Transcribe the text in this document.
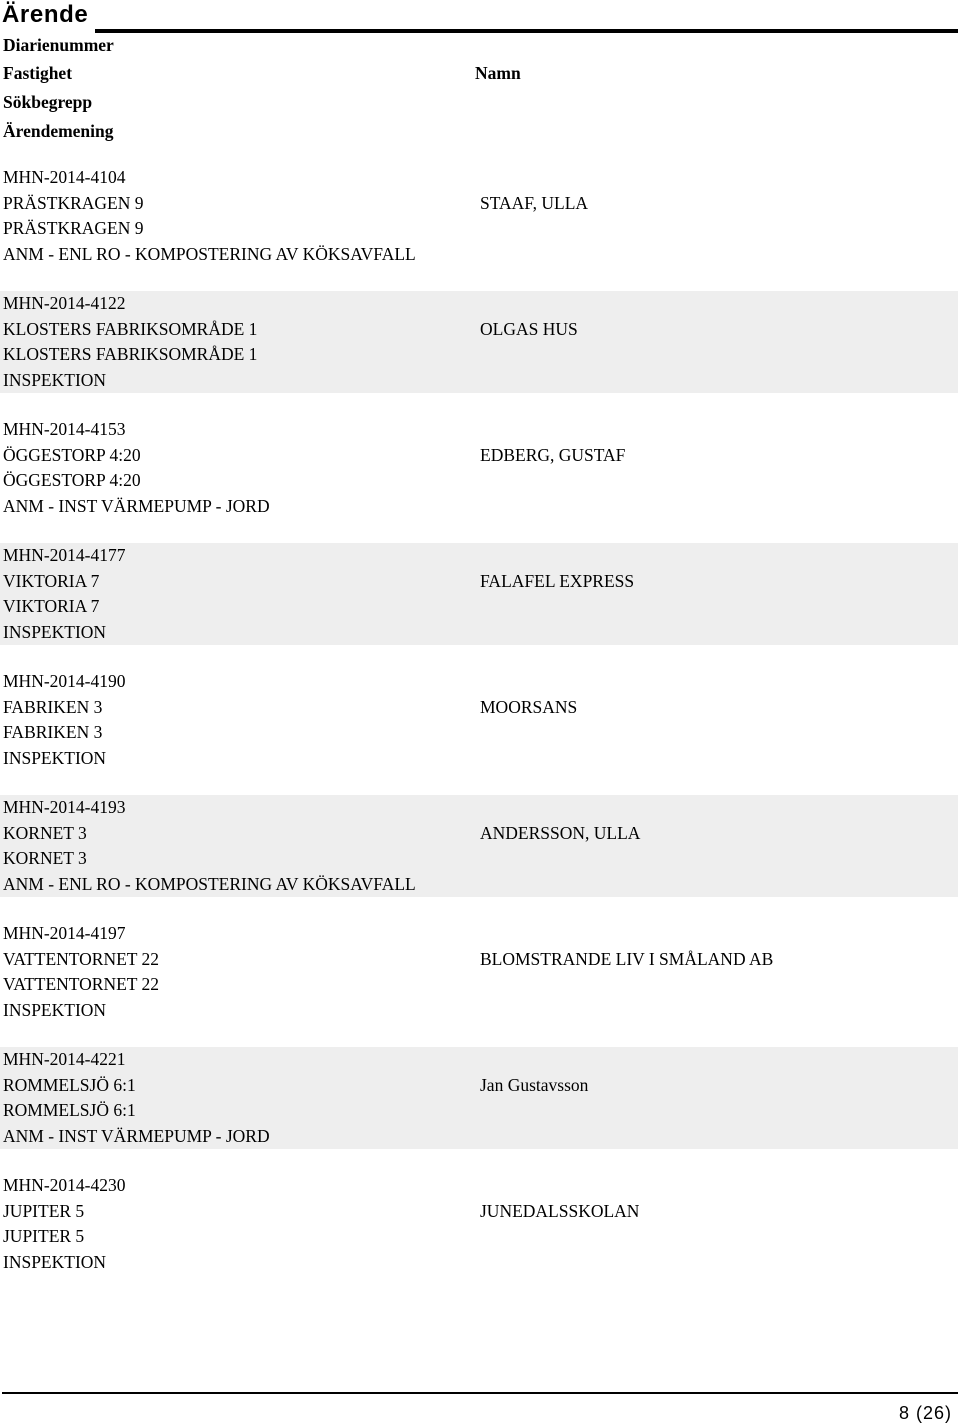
Ärende
Diarienummer
Fastighet	Namn
Sökbegrepp
Ärendemening
MHN-2014-4104
PRÄSTKRAGEN 9
PRÄSTKRAGEN 9
ANM - ENL RO - KOMPOSTERING AV KÖKSAVFALL
STAAF, ULLA
MHN-2014-4122
KLOSTERS FABRIKSOMRÅDE 1
KLOSTERS FABRIKSOMRÅDE 1
INSPEKTION
OLGAS HUS
MHN-2014-4153
ÖGGESTORP 4:20
ÖGGESTORP 4:20
ANM - INST VÄRMEPUMP - JORD
EDBERG, GUSTAF
MHN-2014-4177
VIKTORIA 7
VIKTORIA 7
INSPEKTION
FALAFEL EXPRESS
MHN-2014-4190
FABRIKEN 3
FABRIKEN 3
INSPEKTION
MOORSANS
MHN-2014-4193
KORNET 3
KORNET 3
ANM - ENL RO - KOMPOSTERING AV KÖKSAVFALL
ANDERSSON, ULLA
MHN-2014-4197
VATTENTORNET 22
VATTENTORNET 22
INSPEKTION
BLOMSTRANDE LIV I SMÅLAND AB
MHN-2014-4221
ROMMELSJÖ 6:1
ROMMELSJÖ 6:1
ANM - INST VÄRMEPUMP - JORD
Jan Gustavsson
MHN-2014-4230
JUPITER 5
JUPITER 5
INSPEKTION
JUNEDALSSKOLAN
8 (26)
